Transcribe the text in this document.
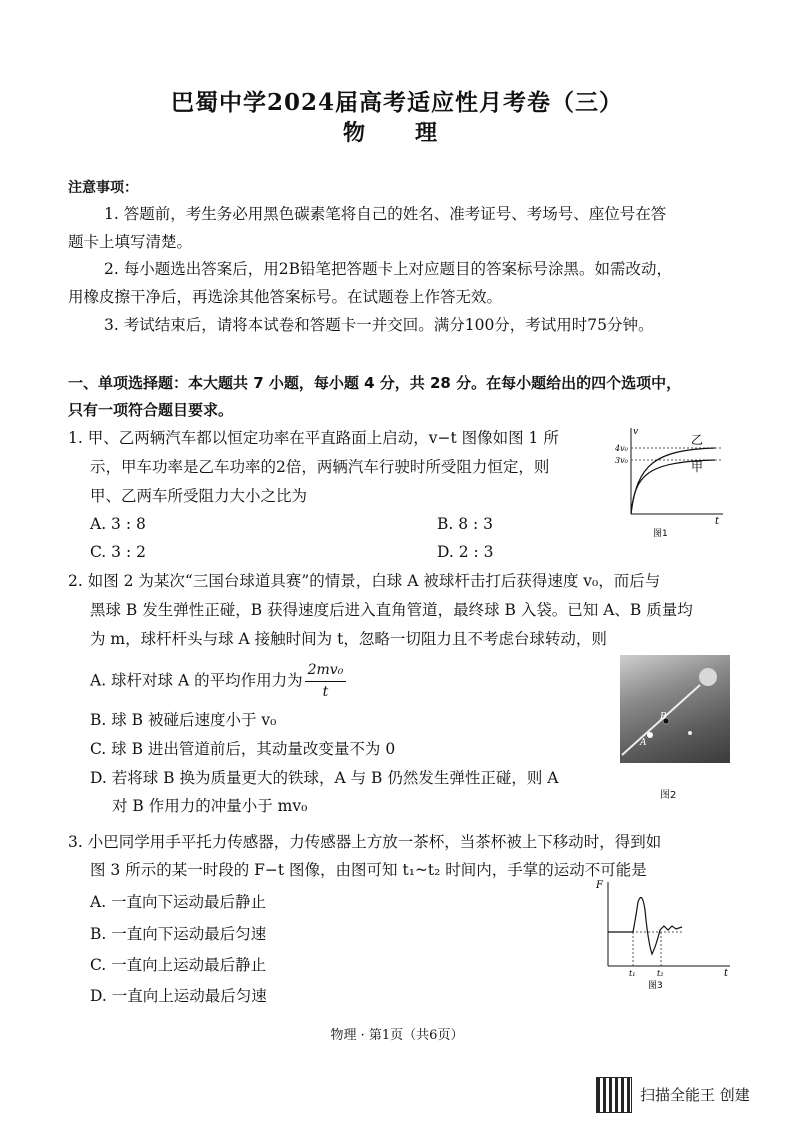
巴蜀中学2024届高考适应性月考卷（三）
物　理
注意事项：
1. 答题前，考生务必用黑色碳素笔将自己的姓名、准考证号、考场号、座位号在答
题卡上填写清楚。
2. 每小题选出答案后，用2B铅笔把答题卡上对应题目的答案标号涂黑。如需改动，
用橡皮擦干净后，再选涂其他答案标号。在试题卷上作答无效。
3. 考试结束后，请将本试卷和答题卡一并交回。满分100分，考试用时75分钟。
一、单项选择题：本大题共 7 小题，每小题 4 分，共 28 分。在每小题给出的四个选项中，
只有一项符合题目要求。
1. 甲、乙两辆汽车都以恒定功率在平直路面上启动，v−t 图像如图 1 所
示，甲车功率是乙车功率的2倍，两辆汽车行驶时所受阻力恒定，则
甲、乙两车所受阻力大小之比为
A. 3 : 8	B. 8 : 3
C. 3 : 2	D. 2 : 3
v
t
4v₀
3v₀
乙
甲
图1
2. 如图 2 为某次“三国台球道具赛”的情景，白球 A 被球杆击打后获得速度 v₀，而后与
黑球 B 发生弹性正碰，B 获得速度后进入直角管道，最终球 B 入袋。已知 A、B 质量均
为 m，球杆杆头与球 A 接触时间为 t，忽略一切阻力且不考虑台球转动，则
A. 球杆对球 A 的平均作用力为 $\frac{\text{2mv₀}}{t}$
B. 球 B 被碰后速度小于 v₀
C. 球 B 进出管道前后，其动量改变量不为 0
D. 若将球 B 换为质量更大的铁球，A 与 B 仍然发生弹性正碰，则 A
对 B 作用力的冲量小于 mv₀
B
A
图2
3. 小巴同学用手平托力传感器，力传感器上方放一茶杯，当茶杯被上下移动时，得到如
图 3 所示的某一时段的 F−t 图像，由图可知 t₁~t₂ 时间内，手掌的运动不可能是
A. 一直向下运动最后静止
B. 一直向下运动最后匀速
C. 一直向上运动最后静止
D. 一直向上运动最后匀速
F
t
t₁	t₂
图3
物理 · 第1页（共6页）
扫描全能王 创建
